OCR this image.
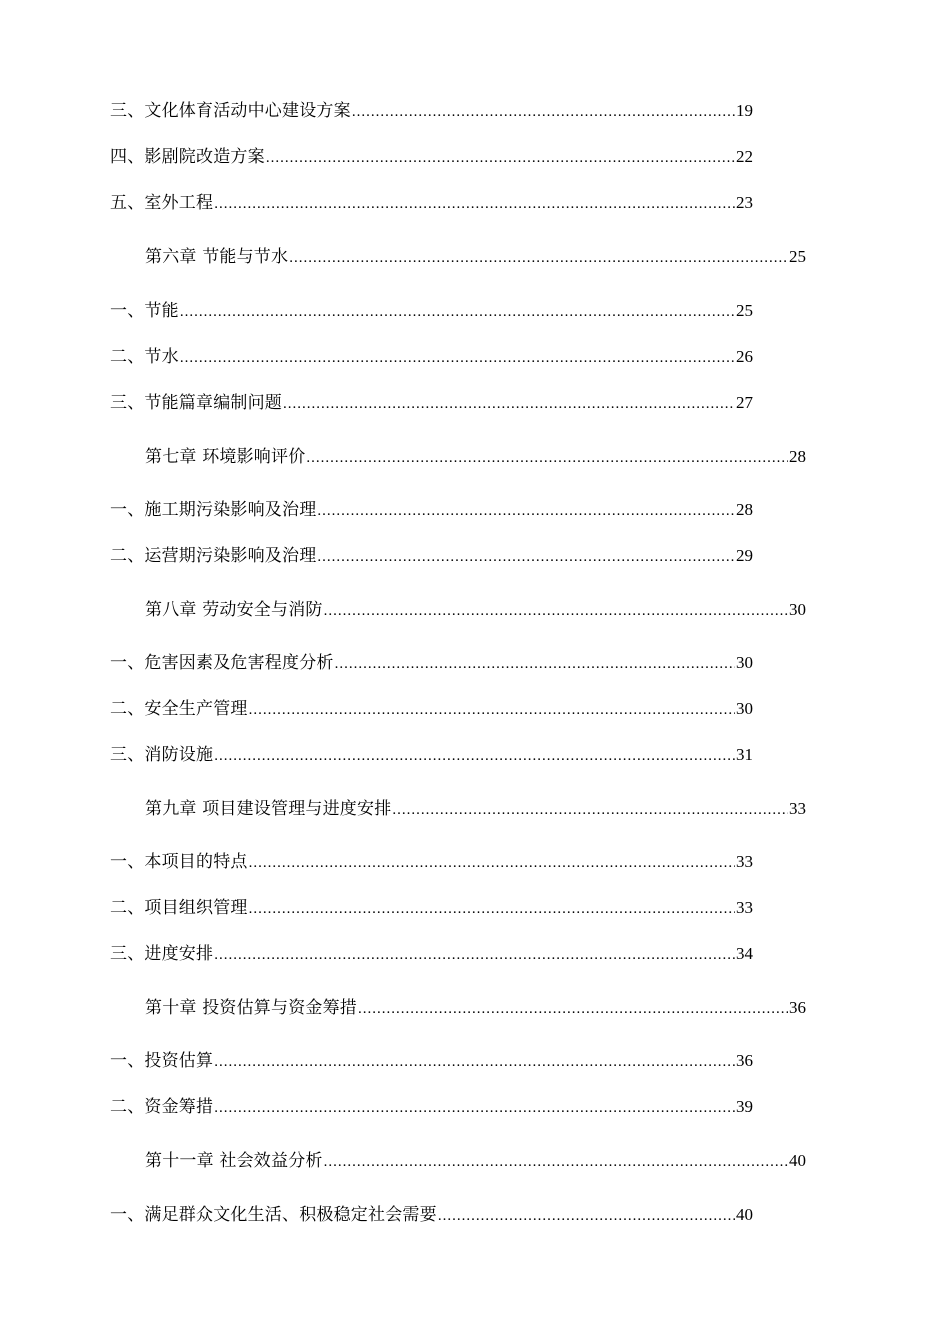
三、文化体育活动中心建设方案 .....	19
四、影剧院改造方案 .....	22
五、室外工程 .....	23
第六章 节能与节水 .....	25
一、节能 .....	25
二、节水 .....	26
三、节能篇章编制问题 .....	27
第七章 环境影响评价 .....	28
一、施工期污染影响及治理 .....	28
二、运营期污染影响及治理 .....	29
第八章 劳动安全与消防 .....	30
一、危害因素及危害程度分析 .....	30
二、安全生产管理 .....	30
三、消防设施 .....	31
第九章 项目建设管理与进度安排 .....	33
一、本项目的特点 .....	33
二、项目组织管理 .....	33
三、进度安排 .....	34
第十章 投资估算与资金筹措 .....	36
一、投资估算 .....	36
二、资金筹措 .....	39
第十一章 社会效益分析 .....	40
一、满足群众文化生活、积极稳定社会需要 .....	40
